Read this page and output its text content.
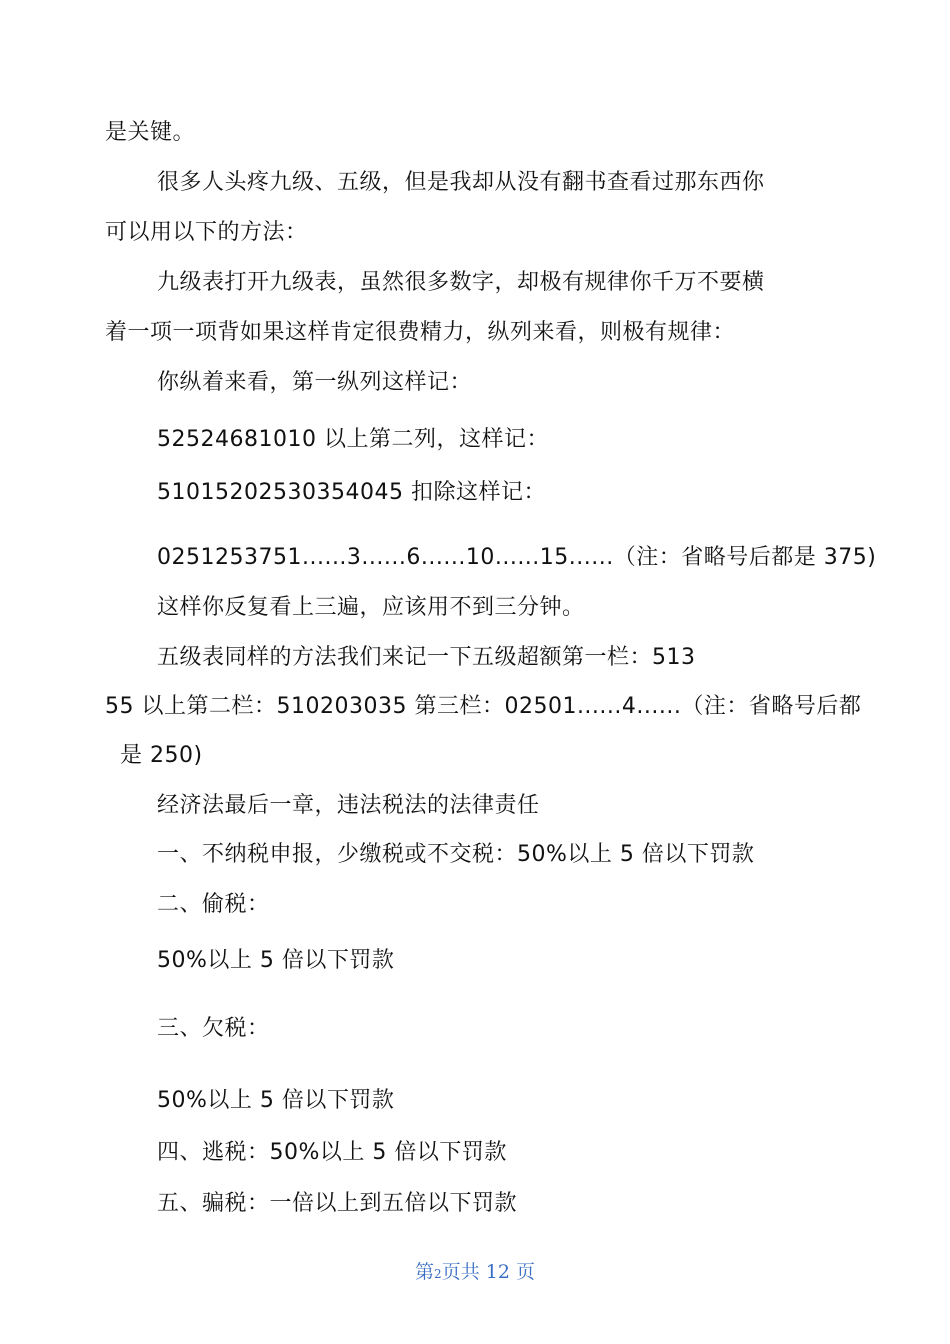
是关键。
很多人头疼九级、五级，但是我却从没有翻书查看过那东西你
可以用以下的方法：
九级表打开九级表，虽然很多数字，却极有规律你千万不要横
着一项一项背如果这样肯定很费精力，纵列来看，则极有规律：
你纵着来看，第一纵列这样记：
52524681010 以上第二列，这样记：
51015202530354045 扣除这样记：
0251253751......3......6......10......15......（注：省略号后都是 375)
这样你反复看上三遍，应该用不到三分钟。
五级表同样的方法我们来记一下五级超额第一栏：513
55 以上第二栏：510203035 第三栏：02501......4......（注：省略号后都
是 250)
经济法最后一章，违法税法的法律责任
一、不纳税申报，少缴税或不交税：50%以上 5 倍以下罚款
二、偷税：
50%以上 5 倍以下罚款
三、欠税：
50%以上 5 倍以下罚款
四、逃税：50%以上 5 倍以下罚款
五、骗税：一倍以上到五倍以下罚款
第2页共 12 页
